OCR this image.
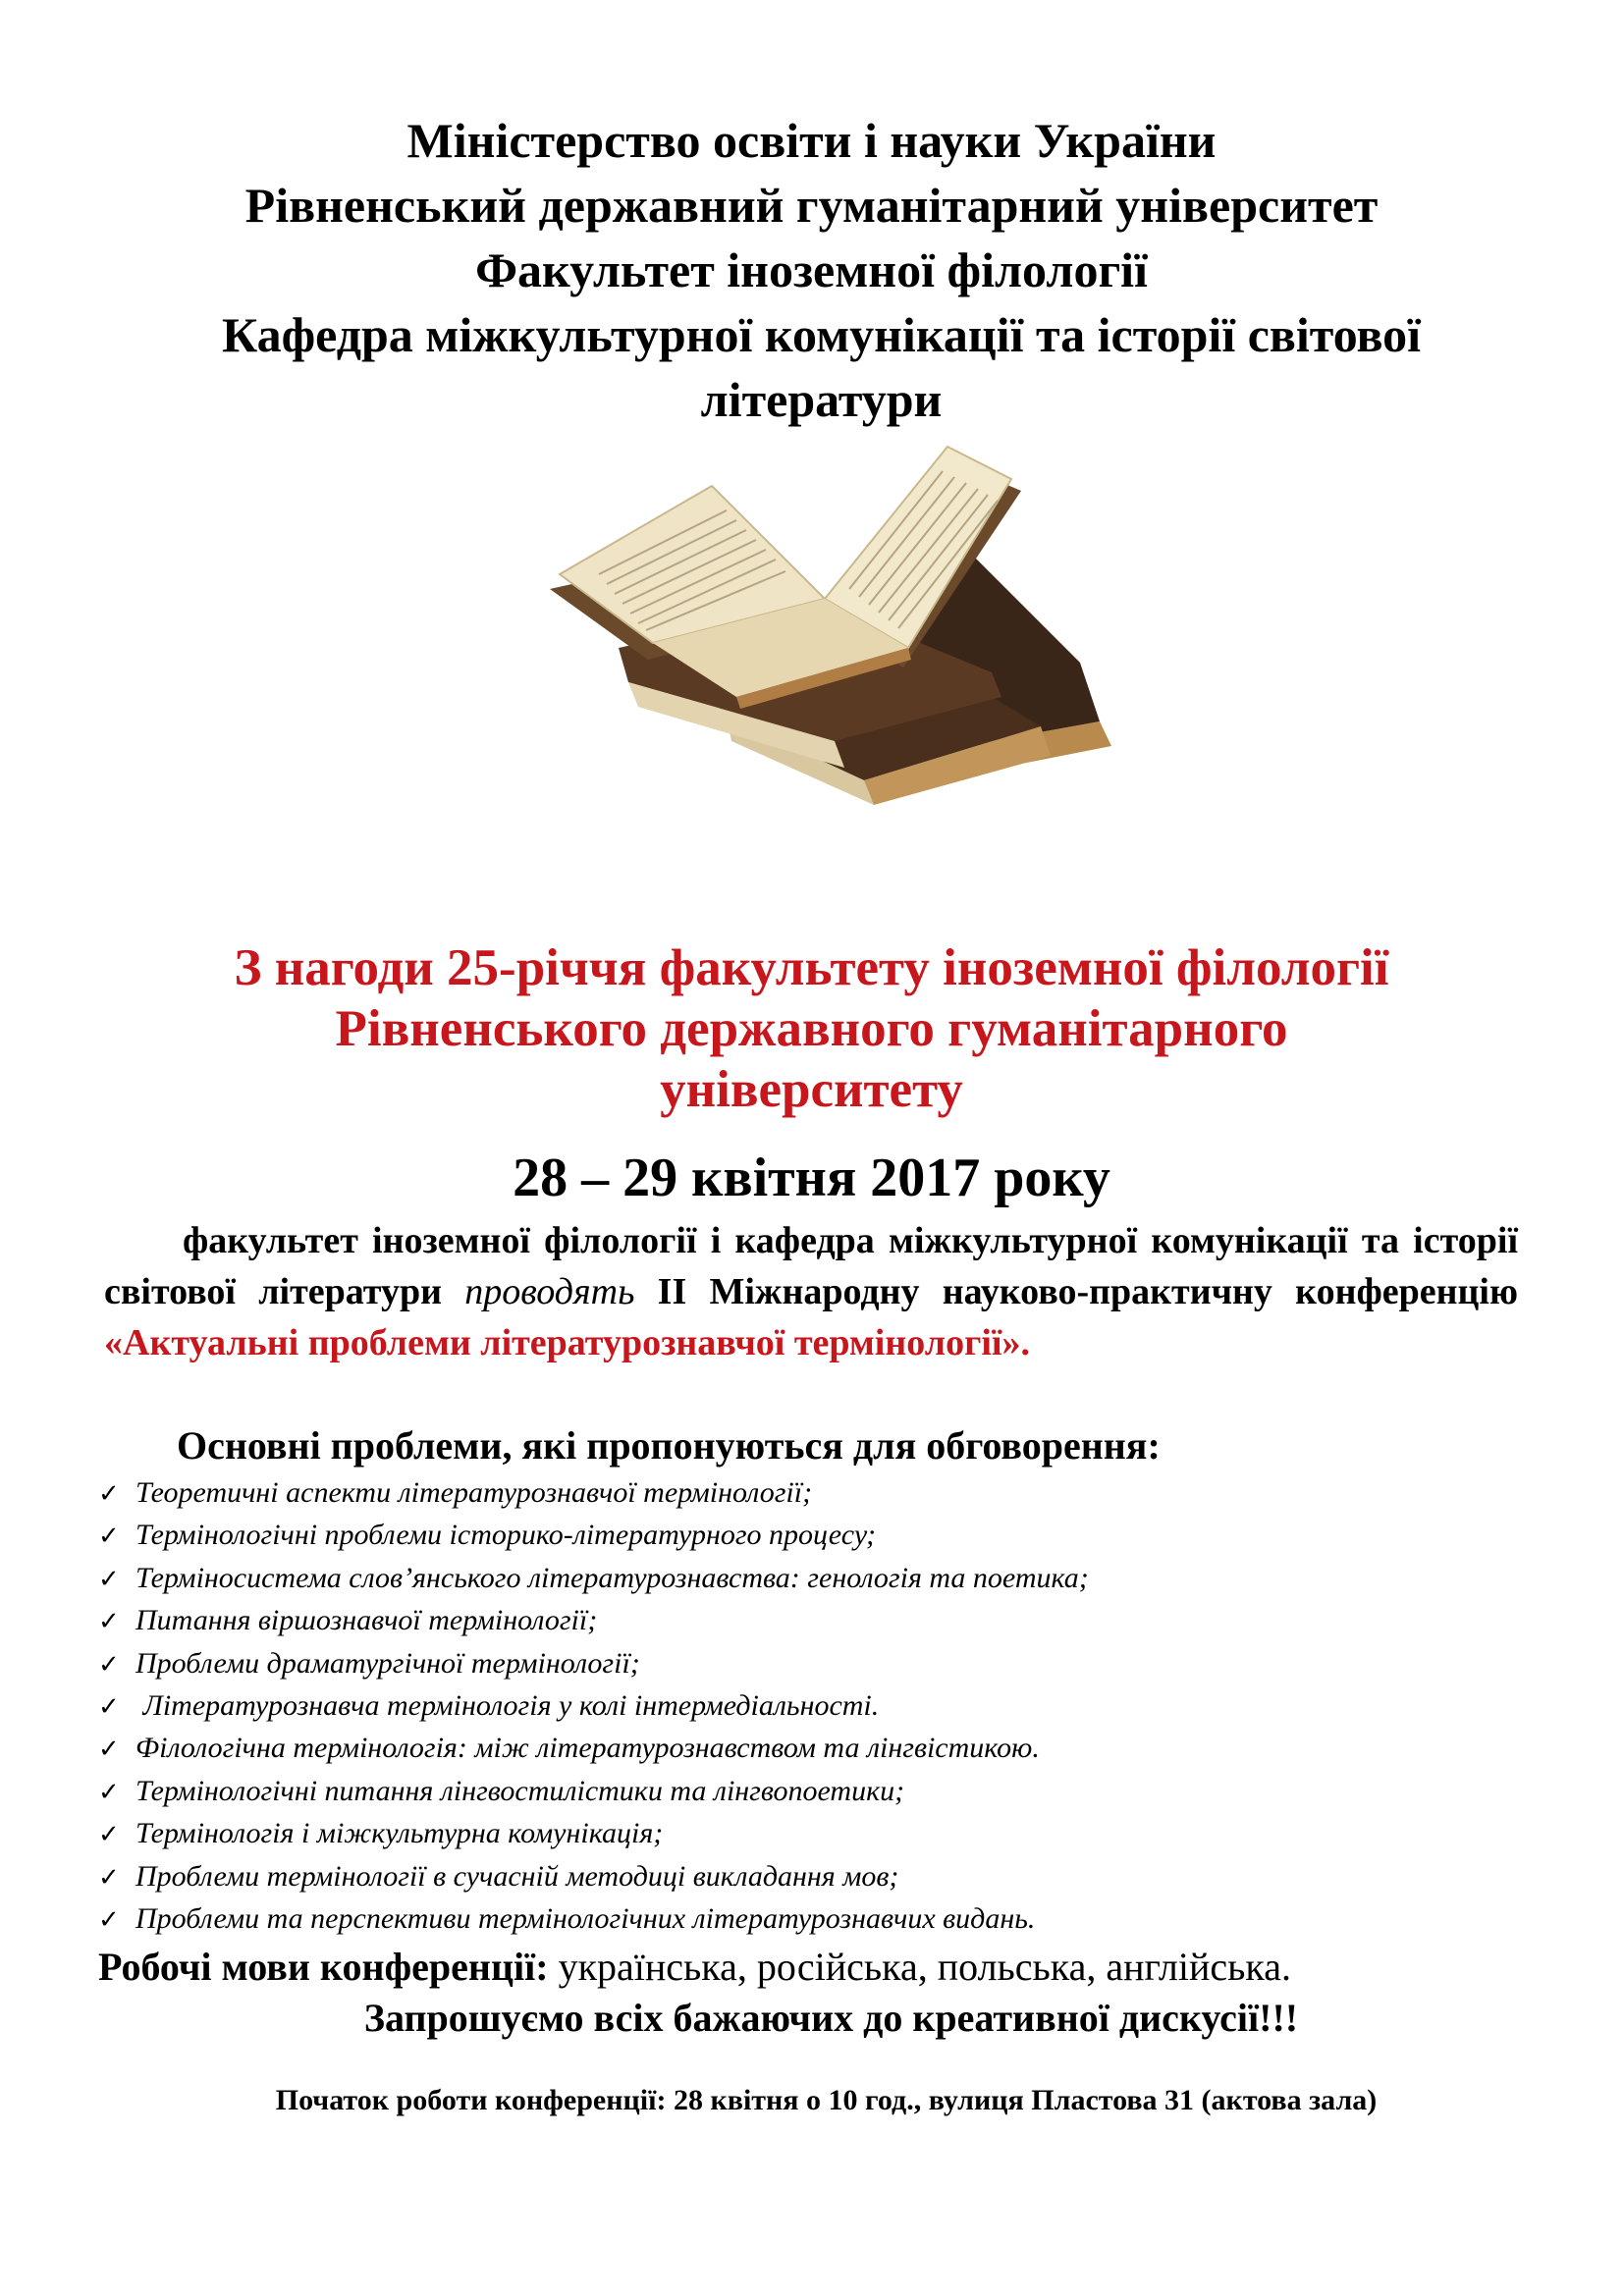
Міністерство освіти і науки України
Рівненський державний гуманітарний університет
Факультет іноземної філології
Кафедра міжкультурної комунікації та історії світової
літератури
З нагоди 25-річчя факультету іноземної філології
Рівненського державного гуманітарного
університету
28 – 29 квітня 2017 року
факультет іноземної філології і кафедра міжкультурної комунікації та історії світової літератури проводять ІІ Міжнародну науково-практичну конференцію «Актуальні проблеми літературознавчої термінології».
Основні проблеми, які пропонуються для обговорення:
✓ Теоретичні аспекти літературознавчої термінології;
✓ Термінологічні проблеми історико-літературного процесу;
✓ Терміносистема слов’янського літературознавства: генологія та поетика;
✓ Питання віршознавчої термінології;
✓ Проблеми драматургічної термінології;
✓ Літературознавча термінологія у колі інтермедіальності.
✓ Філологічна термінологія: між літературознавством та лінгвістикою.
✓ Термінологічні питання лінгвостилістики та лінгвопоетики;
✓ Термінологія і міжкультурна комунікація;
✓ Проблеми термінології в сучасній методиці викладання мов;
✓ Проблеми та перспективи термінологічних літературознавчих видань.
Робочі мови конференції: українська, російська, польська, англійська.
Запрошуємо всіх бажаючих до креативної дискусії!!!
Початок роботи конференції: 28 квітня о 10 год., вулиця Пластова 31 (актова зала)
